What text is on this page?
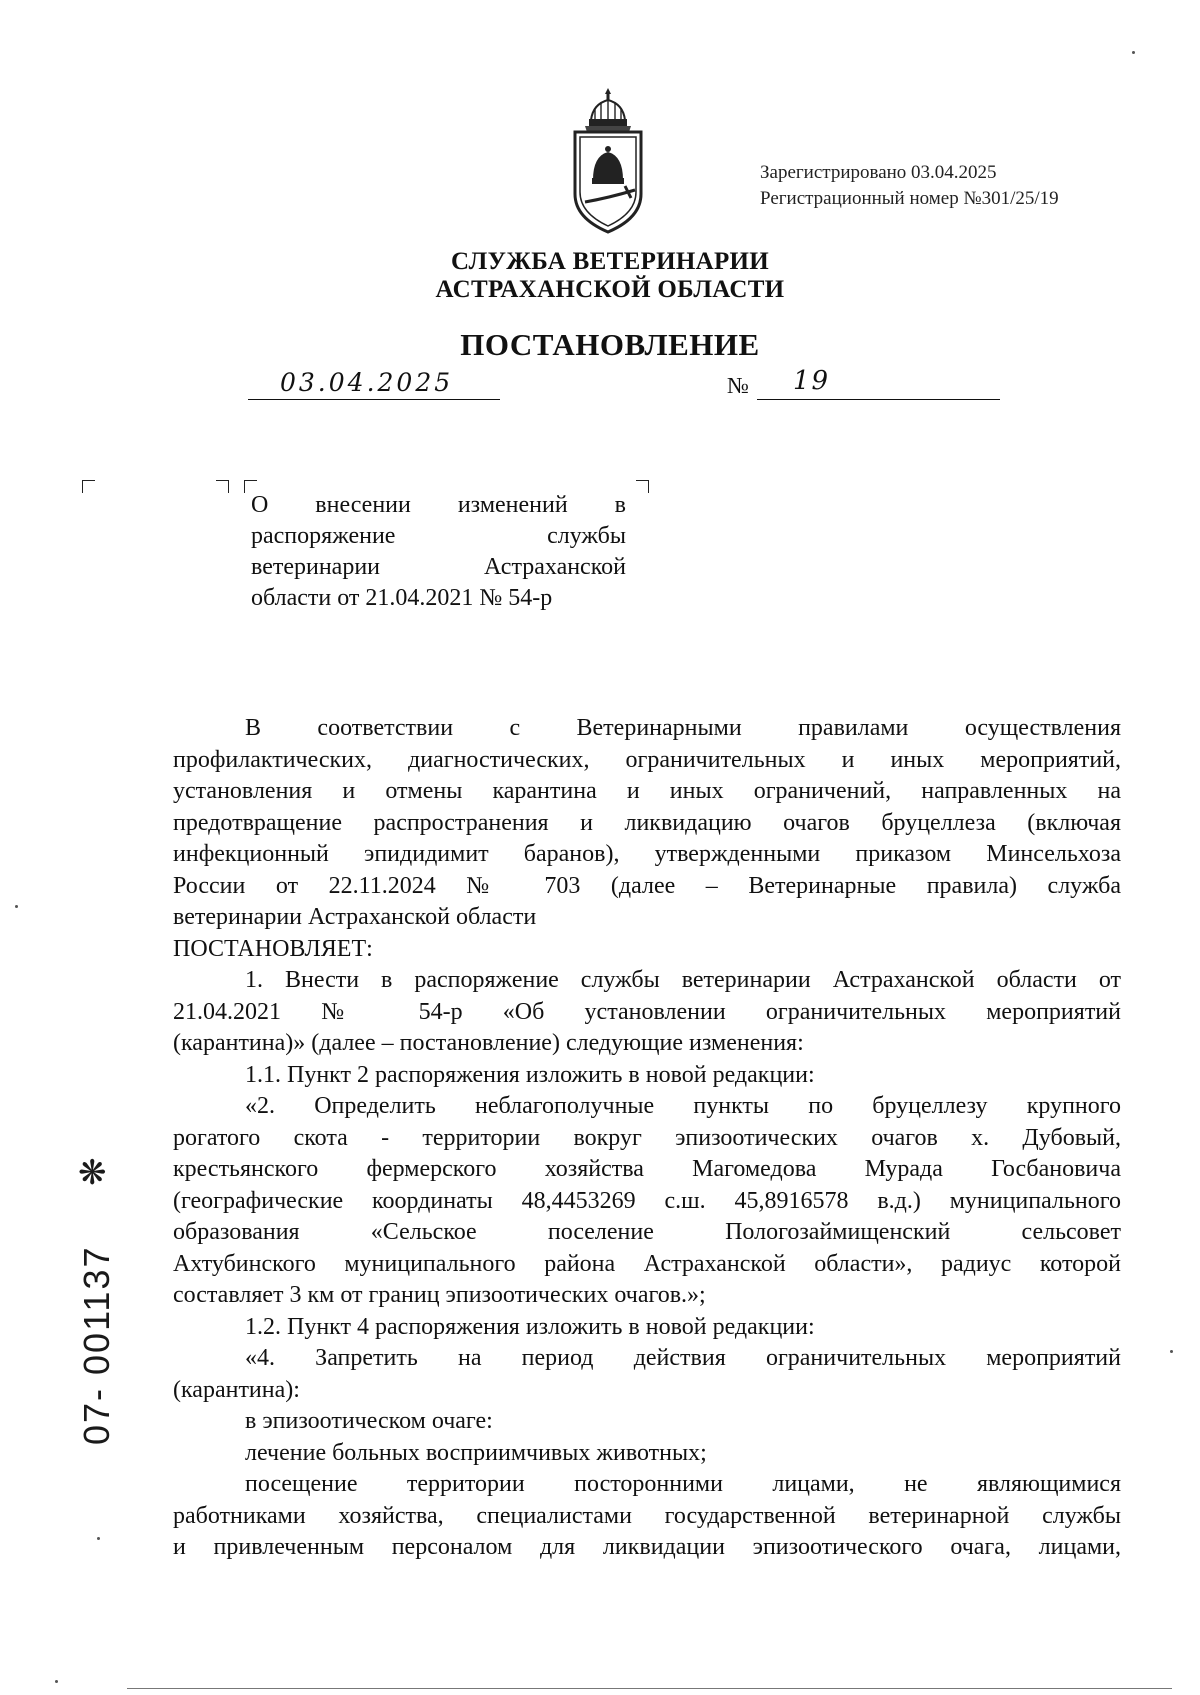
Зарегистрировано 03.04.2025
Регистрационный номер №301/25/19
СЛУЖБА ВЕТЕРИНАРИИ
АСТРАХАНСКОЙ ОБЛАСТИ
ПОСТАНОВЛЕНИЕ
03.04.2025	№ 19
О внесении изменений в
распоряжение службы
ветеринарии Астраханской
области от 21.04.2021 № 54-р
В соответствии с Ветеринарными правилами осуществления
профилактических, диагностических, ограничительных и иных мероприятий,
установления и отмены карантина и иных ограничений, направленных на
предотвращение распространения и ликвидацию очагов бруцеллеза (включая
инфекционный эпидидимит баранов), утвержденными приказом Минсельхоза
России от 22.11.2024 № 703 (далее – Ветеринарные правила) служба
ветеринарии Астраханской области
ПОСТАНОВЛЯЕТ:
1. Внести в распоряжение службы ветеринарии Астраханской области от
21.04.2021 № 54-р «Об установлении ограничительных мероприятий
(карантина)» (далее – постановление) следующие изменения:
1.1. Пункт 2 распоряжения изложить в новой редакции:
«2. Определить неблагополучные пункты по бруцеллезу крупного
рогатого скота - территории вокруг эпизоотических очагов х. Дубовый,
крестьянского фермерского хозяйства Магомедова Мурада Госбановича
(географические координаты 48,4453269 с.ш. 45,8916578 в.д.) муниципального
образования «Сельское поселение Пологозаймищенский сельсовет
Ахтубинского муниципального района Астраханской области», радиус которой
составляет 3 км от границ эпизоотических очагов.»;
1.2. Пункт 4 распоряжения изложить в новой редакции:
«4. Запретить на период действия ограничительных мероприятий
(карантина):
в эпизоотическом очаге:
лечение больных восприимчивых животных;
посещение территории посторонними лицами, не являющимися
работниками хозяйства, специалистами государственной ветеринарной службы
и привлеченным персоналом для ликвидации эпизоотического очага, лицами,
❋
07- 001137
